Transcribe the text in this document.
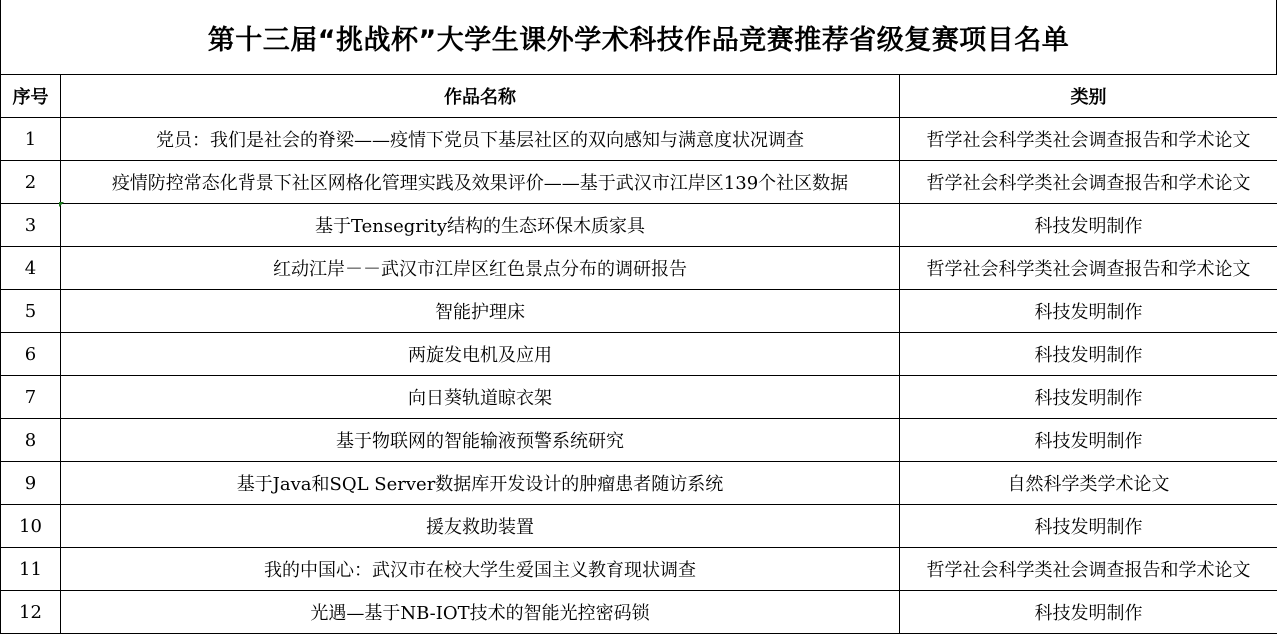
第十三届“挑战杯”大学生课外学术科技作品竞赛推荐省级复赛项目名单
序号	作品名称	类别
1	党员：我们是社会的脊梁——疫情下党员下基层社区的双向感知与满意度状况调查	哲学社会科学类社会调查报告和学术论文
2	疫情防控常态化背景下社区网格化管理实践及效果评价——基于武汉市江岸区139个社区数据	哲学社会科学类社会调查报告和学术论文
3	基于Tensegrity结构的生态环保木质家具	科技发明制作
4	红动江岸－－武汉市江岸区红色景点分布的调研报告	哲学社会科学类社会调查报告和学术论文
5	智能护理床	科技发明制作
6	两旋发电机及应用	科技发明制作
7	向日葵轨道晾衣架	科技发明制作
8	基于物联网的智能输液预警系统研究	科技发明制作
9	基于Java和SQL Server数据库开发设计的肿瘤患者随访系统	自然科学类学术论文
10	援友救助装置	科技发明制作
11	我的中国心：武汉市在校大学生爱国主义教育现状调查	哲学社会科学类社会调查报告和学术论文
12	光遇—基于NB-IOT技术的智能光控密码锁	科技发明制作
